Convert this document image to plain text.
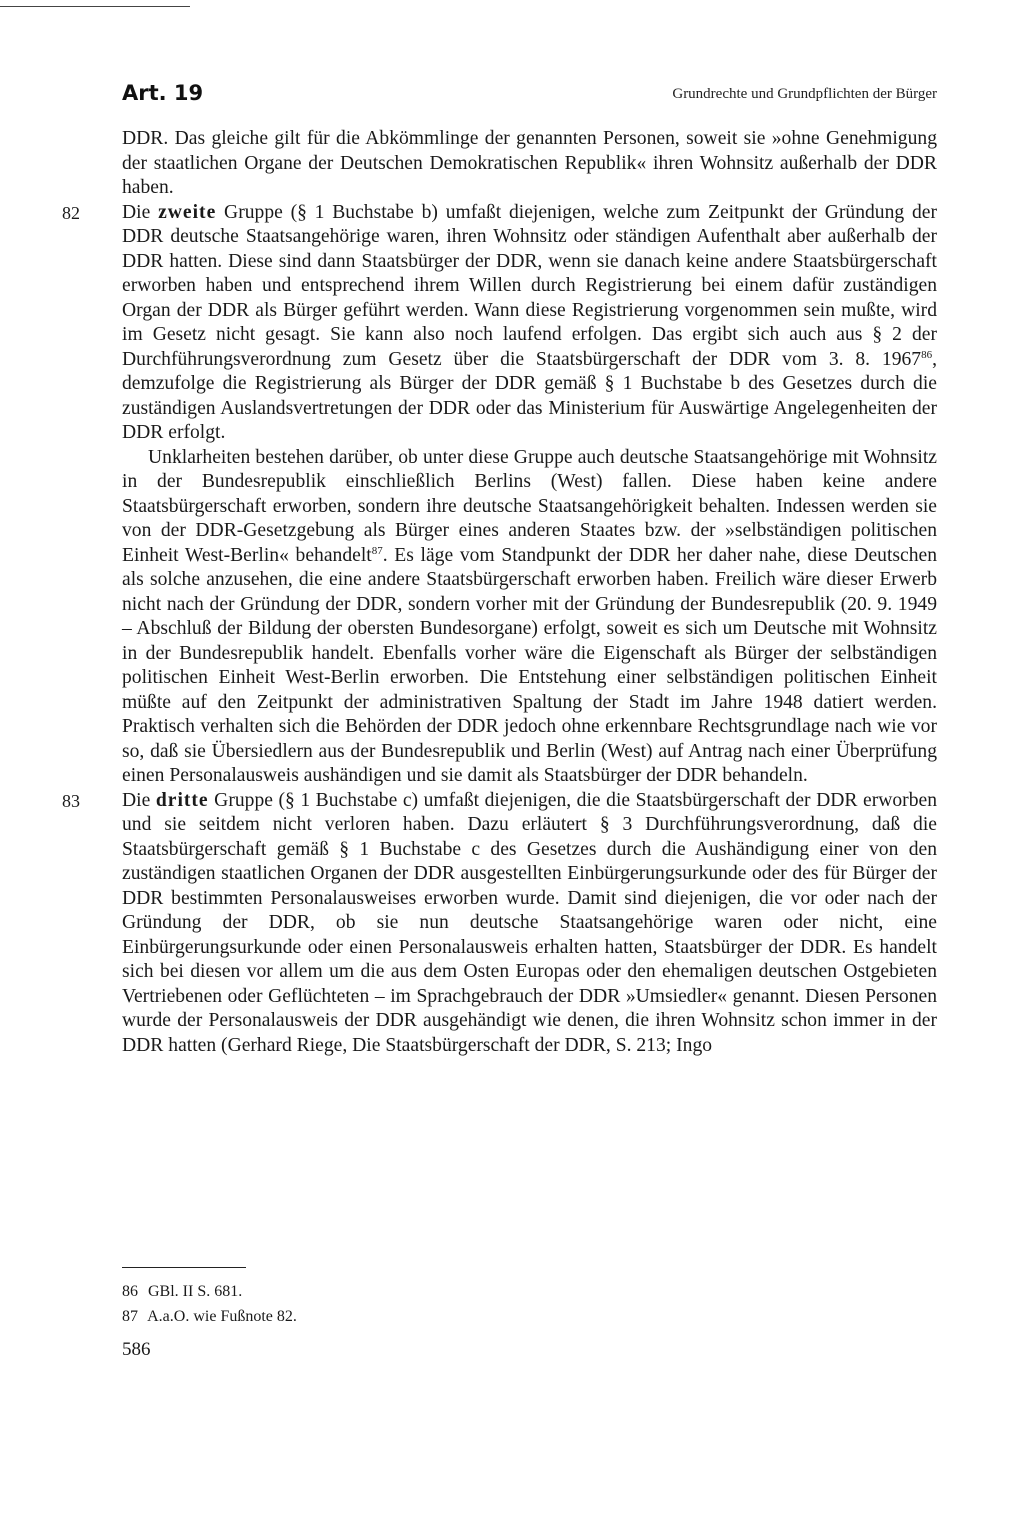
Art. 19	Grundrechte und Grundpflichten der Bürger

DDR. Das gleiche gilt für die Abkömmlinge der genannten Personen, soweit sie »ohne Genehmigung der staatlichen Organe der Deutschen Demokratischen Republik« ihren Wohnsitz außerhalb der DDR haben.

82 Die zweite Gruppe (§ 1 Buchstabe b) umfaßt diejenigen, welche zum Zeitpunkt der Gründung der DDR deutsche Staatsangehörige waren, ihren Wohnsitz oder ständigen Aufenthalt aber außerhalb der DDR hatten. Diese sind dann Staatsbürger der DDR, wenn sie danach keine andere Staatsbürgerschaft erworben haben und entsprechend ihrem Willen durch Registrierung bei einem dafür zuständigen Organ der DDR als Bürger geführt werden. Wann diese Registrierung vorgenommen sein mußte, wird im Gesetz nicht gesagt. Sie kann also noch laufend erfolgen. Das ergibt sich auch aus § 2 der Durchführungsverordnung zum Gesetz über die Staatsbürgerschaft der DDR vom 3. 8. 1967$^{86}$, demzufolge die Registrierung als Bürger der DDR gemäß § 1 Buchstabe b des Gesetzes durch die zuständigen Auslandsvertretungen der DDR oder das Ministerium für Auswärtige Angelegenheiten der DDR erfolgt.

Unklarheiten bestehen darüber, ob unter diese Gruppe auch deutsche Staatsangehörige mit Wohnsitz in der Bundesrepublik einschließlich Berlins (West) fallen. Diese haben keine andere Staatsbürgerschaft erworben, sondern ihre deutsche Staatsangehörigkeit behalten. Indessen werden sie von der DDR-Gesetzgebung als Bürger eines anderen Staates bzw. der »selbständigen politischen Einheit West-Berlin« behandelt$^{87}$. Es läge vom Standpunkt der DDR her daher nahe, diese Deutschen als solche anzusehen, die eine andere Staatsbürgerschaft erworben haben. Freilich wäre dieser Erwerb nicht nach der Gründung der DDR, sondern vorher mit der Gründung der Bundesrepublik (20. 9. 1949 – Abschluß der Bildung der obersten Bundesorgane) erfolgt, soweit es sich um Deutsche mit Wohnsitz in der Bundesrepublik handelt. Ebenfalls vorher wäre die Eigenschaft als Bürger der selbständigen politischen Einheit West-Berlin erworben. Die Entstehung einer selbständigen politischen Einheit müßte auf den Zeitpunkt der administrativen Spaltung der Stadt im Jahre 1948 datiert werden. Praktisch verhalten sich die Behörden der DDR jedoch ohne erkennbare Rechtsgrundlage nach wie vor so, daß sie Übersiedlern aus der Bundesrepublik und Berlin (West) auf Antrag nach einer Überprüfung einen Personalausweis aushändigen und sie damit als Staatsbürger der DDR behandeln.

83 Die dritte Gruppe (§ 1 Buchstabe c) umfaßt diejenigen, die die Staatsbürgerschaft der DDR erworben und sie seitdem nicht verloren haben. Dazu erläutert § 3 Durchführungsverordnung, daß die Staatsbürgerschaft gemäß § 1 Buchstabe c des Gesetzes durch die Aushändigung einer von den zuständigen staatlichen Organen der DDR ausgestellten Einbürgerungsurkunde oder des für Bürger der DDR bestimmten Personalausweises erworben wurde. Damit sind diejenigen, die vor oder nach der Gründung der DDR, ob sie nun deutsche Staatsangehörige waren oder nicht, eine Einbürgerungsurkunde oder einen Personalausweis erhalten hatten, Staatsbürger der DDR. Es handelt sich bei diesen vor allem um die aus dem Osten Europas oder den ehemaligen deutschen Ostgebieten Vertriebenen oder Geflüchteten – im Sprachgebrauch der DDR »Umsiedler« genannt. Diesen Personen wurde der Personalausweis der DDR ausgehändigt wie denen, die ihren Wohnsitz schon immer in der DDR hatten (Gerhard Riege, Die Staatsbürgerschaft der DDR, S. 213; Ingo

86 GBl. II S. 681.

87 A.a.O. wie Fußnote 82.

586
